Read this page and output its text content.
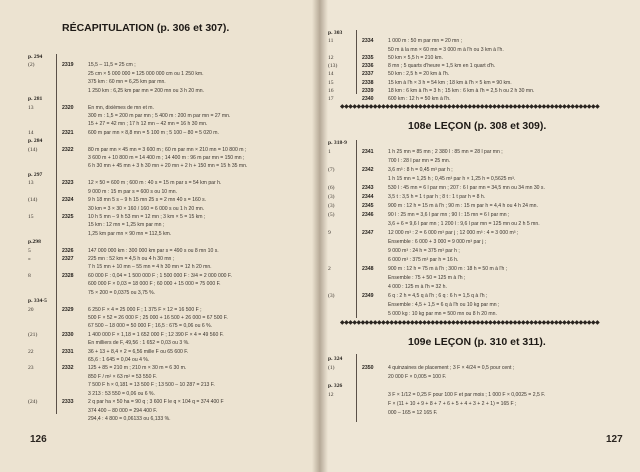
RÉCAPITULATION (p. 306 et 307).
p. 294
(2)	2319	15,5 – 11,5 = 25 cm ;
25 cm × 5 000 000 = 125 000 000 cm ou 1 250 km.
375 km : 60 mn = 6,25 km par mn.
1 250 km : 6,25 km par mn = 200 mn ou 3 h 20 mn.
p. 281
13	2320	En mn, dixièmes de mn et m.
300 m : 1,5 = 200 m par mn ; 5 400 m : 200 m par mn = 27 mn.
15 + 27 = 42 mn ; 17 h 12 mn – 42 mn = 16 h 30 mn.
14	2321	600 m par mn × 8,8 mn = 5 100 m ; 5 100 – 80 = 5 020 m.
p. 284
(14)	2322	80 m par mn × 45 mn = 3 600 m ; 60 m par mn × 210 mn = 10 800 m ;
3 600 m + 10 800 m = 14 400 m ; 14 400 m : 96 m par mn = 150 mn ;
6 h 30 mn + 45 mn + 3 h 30 mn + 20 mn + 2 h + 150 mn = 15 h 35 mn.
p. 297
13	2323	12 × 50 = 600 m ; 600 m : 40 s = 15 m par s = 54 km par h.
9 000 m : 15 m par s = 600 s ou 10 mn.
(14)	2324	9 h 18 mn 5 s – 9 h 15 mn 25 s = 2 mn 40 s = 160 s.
30 km = 3 × 30 × 160 / 160 = 6 000 s ou 1 h 20 mn.
15	2325	10 h 5 mn – 9 h 53 mn = 12 mn ; 3 km × 5 = 15 km ;
15 km : 12 mn = 1,25 km par mn ;
1,25 km par mn × 90 mn = 112,5 km.
p.298
5	2326	147 000 000 km : 300 000 km par s = 490 s ou 8 mn 10 s.
»	2327	225 mn : 52 km = 4,5 h ou 4 h 30 mn ;
7 h 15 mn + 10 mn – 55 mn = 4 h 30 mn = 12 h 20 mn.
8	2328	60 000 F : 0,04 = 1 500 000 F ; 1 500 000 F : 3/4 = 2 000 000 F.
600 000 F × 0,03 = 18 000 F ; 60 000 + 15 000 = 75 000 F.
75 × 200 = 0,0375 ou 3,75 %.
p. 334-5
20	2329	6 250 F × 4 = 25 000 F ; 1 375 F × 12 = 16 500 F ;
500 F × 52 = 26 000 F ; 25 000 + 16 500 + 26 000 = 67 500 F.
67 500 – 18 000 = 50 000 F ; 16,5 : 675 = 0,06 ou 6 %.
(21)	2330	1 400 000 F × 1,18 = 1 652 000 F ; 12 390 F × 4 = 49 560 F.
En milliers de F, 49,56 : 1 652 = 0,03 ou 3 %.
22	2331	36 + 13 + 8,4 × 2 = 6,56 mille F ou 65 600 F.
65,6 : 1 645 = 0,04 ou 4 %.
23	2332	125 + 85 = 210 m ; 210 m × 30 m = 6 30 m.
850 F / m² × 63 m² = 53 550 F.
7 500 F h × 0,181 = 13 500 F ; 13 500 – 10 287 = 213 F.
3 213 : 53 550 = 0,06 ou 6 %.
(24)	2333	2 q par ha × 50 ha = 90 q ; 3 600 F le q × 104 q = 374 400 F
374 400 – 80 000 = 294 400 F.
294,4 : 4 800 = 0,06133 ou 6,133 %.
126
p. 303
11	2334	1 000 m : 50 m par mn = 20 mn ;
50 m à la mn × 60 mn = 3 000 m à l'h ou 3 km à l'h.
12	2335	50 km × 5,5 h = 210 km.
(13)	2336	8 mn ; 5 quarts d'heure = 1,5 km en 1 quart d'h.
14	2337	50 km : 2,5 h = 20 km à l'h.
15	2338	15 km à l'h × 3 h = 54 km ; 18 km à l'h × 5 km = 90 km.
16	2339	18 km : 6 km à l'h = 3 h ; 15 km : 6 km à l'h = 2,5 h ou 2 h 30 mn.
17	2340	600 km : 12 h = 50 km à l'h.
◆◆◆◆◆◆◆◆◆◆◆◆◆◆◆◆◆◆◆◆◆◆◆◆◆◆◆◆◆◆◆◆◆◆◆◆◆◆◆◆◆◆◆◆◆◆◆◆◆◆◆◆◆◆◆◆◆◆◆◆◆◆◆
108e LEÇON (p. 308 et 309).
p. 318-9
1	2341	1 h 25 mn = 85 mn ; 2 380 l : 85 mn = 28 l par mn ;
700 l : 28 l par mn = 25 mn.
(7)	2342	3,6 m³ : 8 h = 0,45 m³ par h ;
1 h 15 mn = 1,25 h ; 0,45 m³ par h × 1,25 h = 0,5625 m³.
(6)	2343	530 l : 45 mn = 6 l par mn ; 207 : 6 l par mn = 34,5 mn ou 34 mn 30 s.
(3)	2344	3,5 t : 3,5 h = 1 t par h ; 8 t : 1 t par h = 8 h.
(3)	2345	900 m : 12 h = 15 m à l'h ; 90 m : 15 m par h = 4,4 h ou 4 h 24 mn.
(5)	2346	90 l : 25 mn = 3,6 l par mn ; 90 l : 15 mn = 6 l par mn ;
3,6 + 6 = 9,6 l par mn ; 1 200 l : 9,6 l par mn = 125 mn ou 2 h 5 mn.
9	2347	12 000 m³ : 2 = 6 000 m³ par j ; 12 000 m³ : 4 = 3 000 m³ ;
Ensemble : 6 000 + 3 000 = 9 000 m³ par j ;
9 000 m³ : 24 h = 375 m³ par h ;
6 000 m³ : 375 m³ par h = 16 h.
2	2348	900 m : 12 h = 75 m à l'h ; 300 m : 18 h = 50 m à l'h ;
Ensemble : 75 + 50 = 125 m à l'h ;
4 000 : 125 m à l'h = 32 h.
(3)	2349	6 q : 2 h = 4,5 q à l'h ; 6 q : 6 h = 1,5 q à l'h ;
Ensemble : 4,5 + 1,5 = 6 q à l'h ou 10 kg par mn ;
5 000 kg : 10 kg par mn = 500 mn ou 8 h 20 mn.
◆◆◆◆◆◆◆◆◆◆◆◆◆◆◆◆◆◆◆◆◆◆◆◆◆◆◆◆◆◆◆◆◆◆◆◆◆◆◆◆◆◆◆◆◆◆◆◆◆◆◆◆◆◆◆◆◆◆◆◆◆◆◆
109e LEÇON (p. 310 et 311).
p. 324
(1)	2350	4 quinzaines de placement ; 3 F × 4/24 = 0,5 pour cent ;
20 000 F × 0,005 = 100 F.
p. 326
12	3 F × 1/12 = 0,25 F pour 100 F et par mois ; 1 000 F × 0,0025 = 2,5 F.
F × (11 + 10 + 9 + 8 + 7 + 6 + 5 + 4 + 3 + 2 + 1) = 165 F ;
000 – 165 = 12 165 F.
127
